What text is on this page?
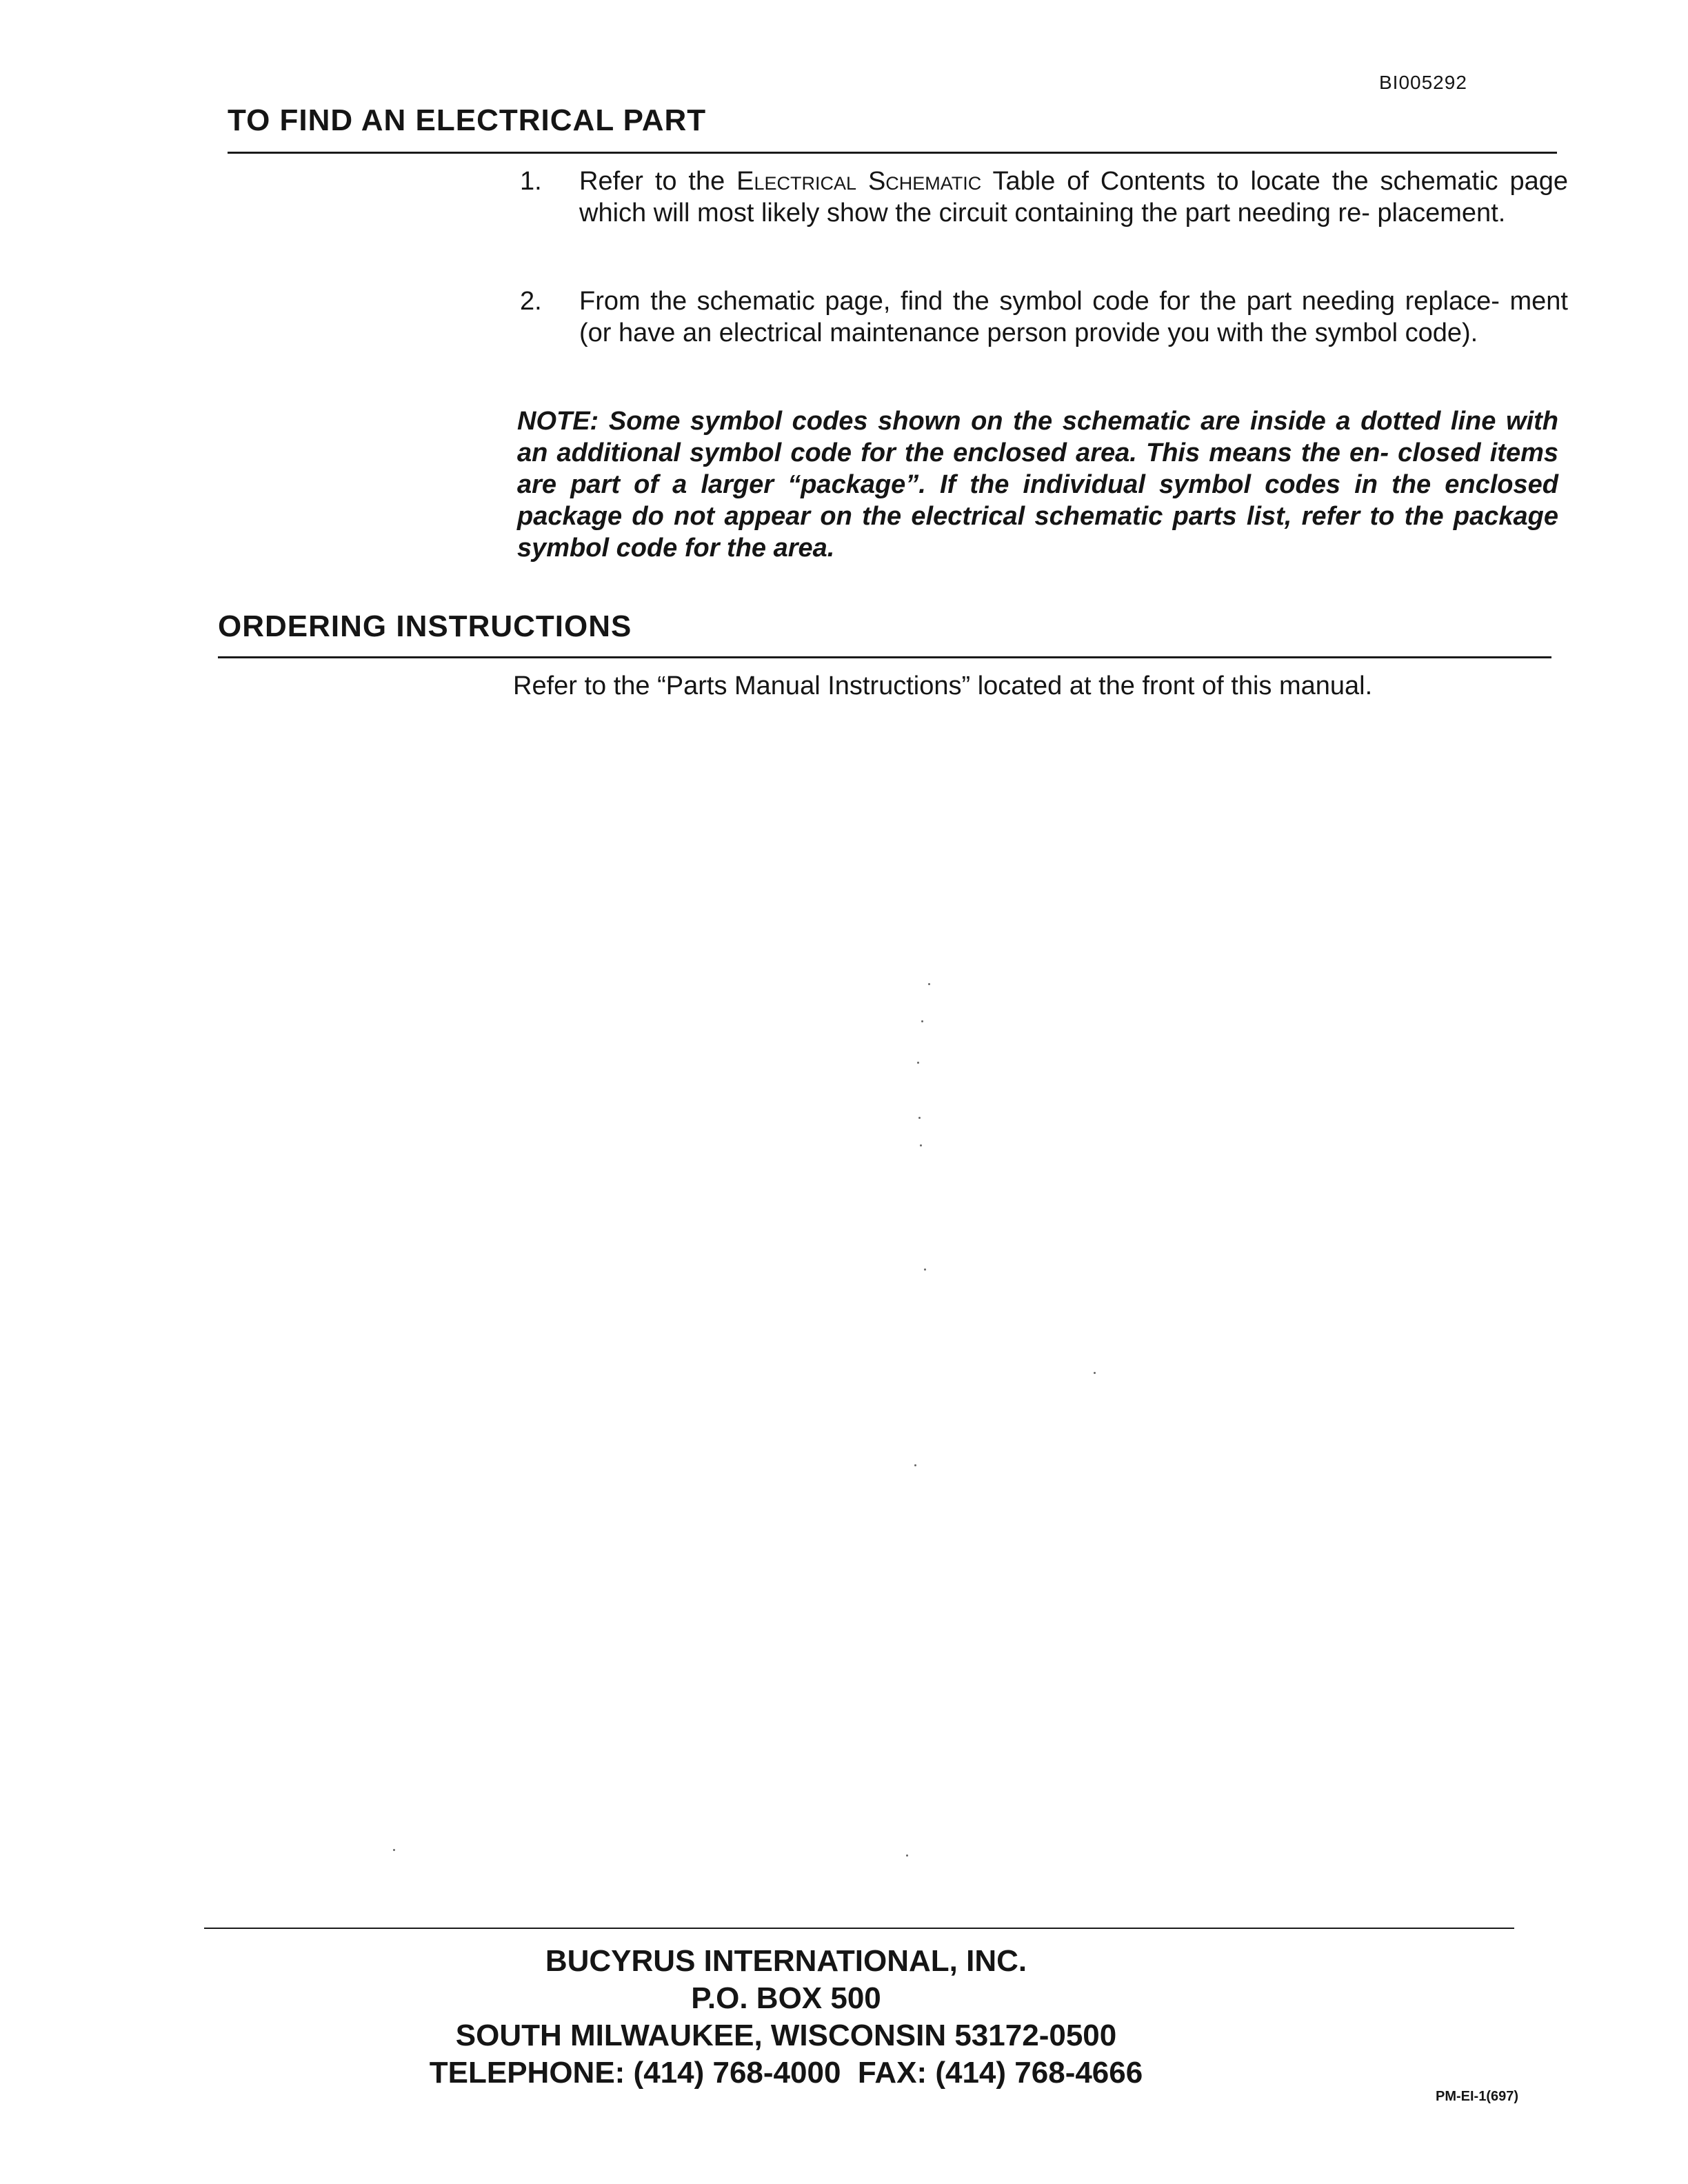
BI005292
TO FIND AN ELECTRICAL PART
1. Refer to the Electrical Schematic Table of Contents to locate the schematic page which will most likely show the circuit containing the part needing re- placement.
2. From the schematic page, find the symbol code for the part needing replace- ment (or have an electrical maintenance person provide you with the symbol code).
NOTE: Some symbol codes shown on the schematic are inside a dotted line with an additional symbol code for the enclosed area. This means the en- closed items are part of a larger “package”. If the individual symbol codes in the enclosed package do not appear on the electrical schematic parts list, refer to the package symbol code for the area.
ORDERING INSTRUCTIONS
Refer to the “Parts Manual Instructions” located at the front of this manual.
BUCYRUS INTERNATIONAL, INC.
P.O. BOX 500
SOUTH MILWAUKEE, WISCONSIN 53172-0500
TELEPHONE: (414) 768-4000  FAX: (414) 768-4666
PM-EI-1(697)
